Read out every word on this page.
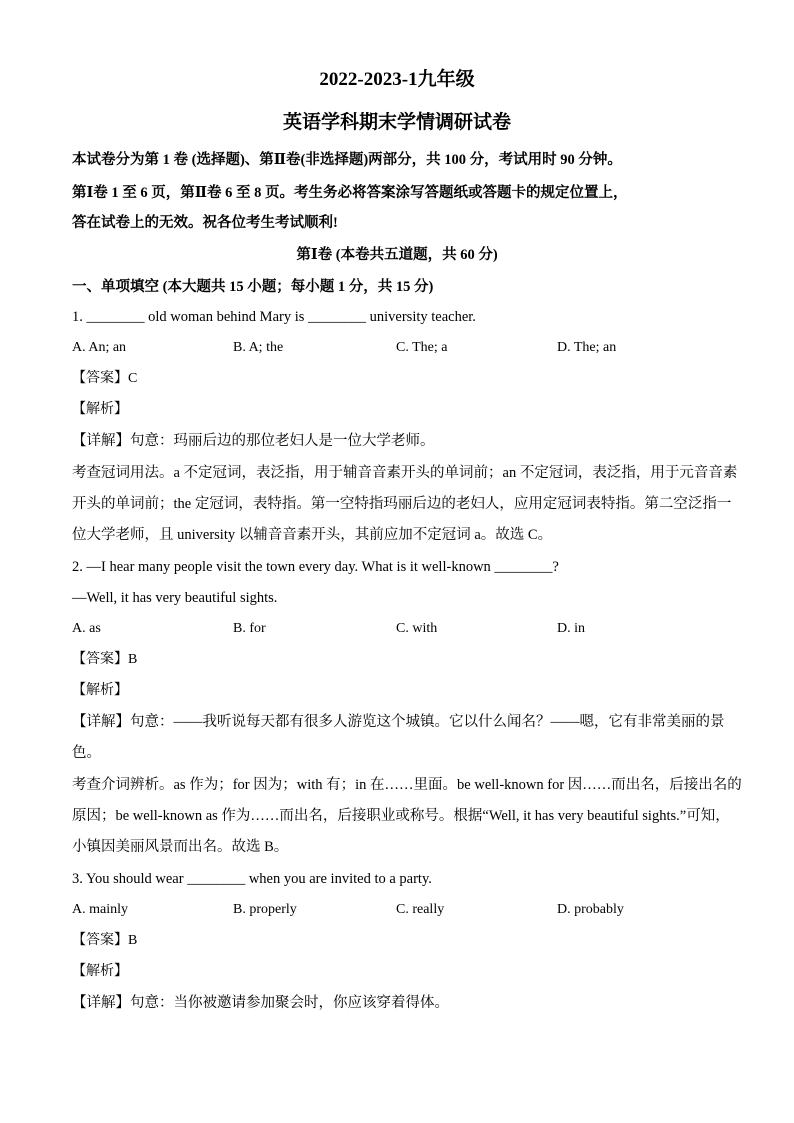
2022-2023-1九年级
英语学科期末学情调研试卷
本试卷分为第 1 卷 (选择题)、第Ⅱ卷(非选择题)两部分，共 100 分，考试用时 90 分钟。
第Ⅰ卷 1 至 6 页，第Ⅱ卷 6 至 8 页。考生务必将答案涂写答题纸或答题卡的规定位置上，
答在试卷上的无效。祝各位考生考试顺利!
第Ⅰ卷 (本卷共五道题，共 60 分)
一、单项填空 (本大题共 15 小题；每小题 1 分，共 15 分)
1. ________ old woman behind Mary is ________ university teacher.
A. An; an	B. A; the	C. The; a	D. The; an
【答案】C
【解析】
【详解】句意：玛丽后边的那位老妇人是一位大学老师。
考查冠词用法。a 不定冠词，表泛指，用于辅音音素开头的单词前；an 不定冠词，表泛指，用于元音音素
开头的单词前；the 定冠词，表特指。第一空特指玛丽后边的老妇人，应用定冠词表特指。第二空泛指一
位大学老师，且 university 以辅音音素开头，其前应加不定冠词 a。故选 C。
2. —I hear many people visit the town every day. What is it well-known ________?
—Well, it has very beautiful sights.
A. as	B. for	C. with	D. in
【答案】B
【解析】
【详解】句意：——我听说每天都有很多人游览这个城镇。它以什么闻名？——嗯，它有非常美丽的景
色。
考查介词辨析。as 作为；for 因为；with 有；in 在……里面。be well-known for 因……而出名，后接出名的
原因；be well-known as 作为……而出名，后接职业或称号。根据“Well, it has very beautiful sights.”可知，
小镇因美丽风景而出名。故选 B。
3. You should wear ________ when you are invited to a party.
A. mainly	B. properly	C. really	D. probably
【答案】B
【解析】
【详解】句意：当你被邀请参加聚会时，你应该穿着得体。
